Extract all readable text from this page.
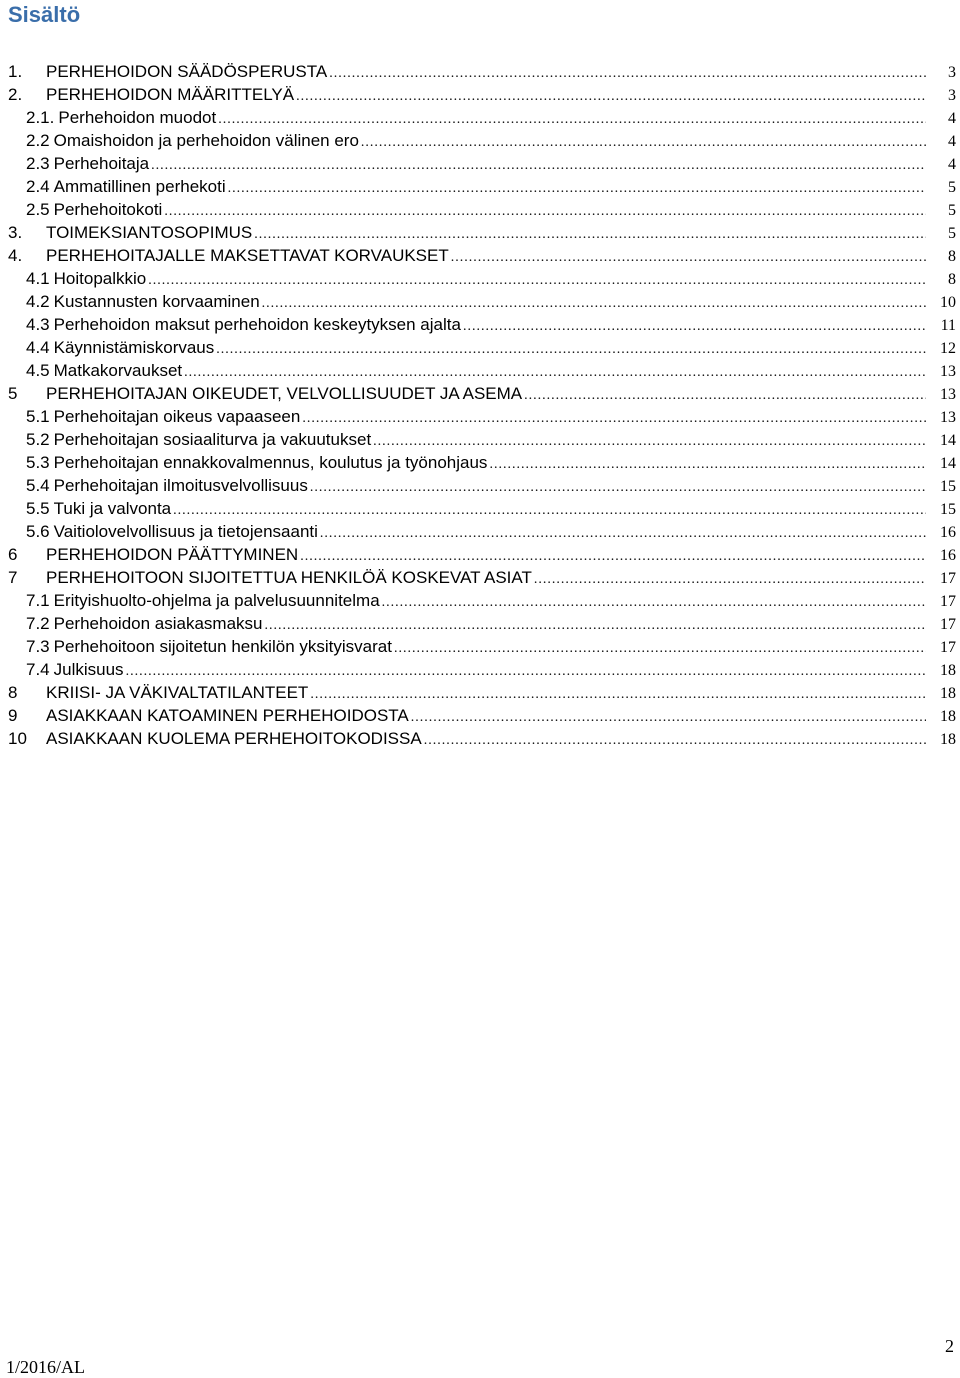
Sisältö
1. PERHEHOIDON SÄÄDÖSPERUSTA .....	3
2. PERHEHOIDON MÄÄRITTELYÄ .....	3
2.1. Perhehoidon muodot .....	4
2.2 Omaishoidon ja perhehoidon välinen ero .....	4
2.3 Perhehoitaja .....	4
2.4 Ammatillinen perhekoti .....	5
2.5 Perhehoitokoti .....	5
3. TOIMEKSIANTOSOPIMUS .....	5
4. PERHEHOITAJALLE MAKSETTAVAT KORVAUKSET .....	8
4.1 Hoitopalkkio .....	8
4.2 Kustannusten korvaaminen .....	10
4.3 Perhehoidon maksut perhehoidon keskeytyksen ajalta .....	11
4.4 Käynnistämiskorvaus .....	12
4.5 Matkakorvaukset .....	13
5 PERHEHOITAJAN OIKEUDET, VELVOLLISUUDET JA ASEMA .....	13
5.1 Perhehoitajan oikeus vapaaseen .....	13
5.2 Perhehoitajan sosiaaliturva ja vakuutukset .....	14
5.3 Perhehoitajan ennakkovalmennus, koulutus ja työnohjaus .....	14
5.4 Perhehoitajan ilmoitusvelvollisuus .....	15
5.5 Tuki ja valvonta .....	15
5.6 Vaitiolovelvollisuus ja tietojensaanti .....	16
6 PERHEHOIDON PÄÄTTYMINEN .....	16
7 PERHEHOITOON SIJOITETTUA HENKILÖÄ KOSKEVAT ASIAT .....	17
7.1 Erityishuolto-ohjelma ja palvelusuunnitelma .....	17
7.2 Perhehoidon asiakasmaksu .....	17
7.3 Perhehoitoon sijoitetun henkilön yksityisvarat .....	17
7.4 Julkisuus .....	18
8 KRIISI- JA VÄKIVALTATILANTEET .....	18
9 ASIAKKAAN KATOAMINEN PERHEHOIDOSTA .....	18
10 ASIAKKAAN KUOLEMA PERHEHOITOKODISSA .....	18
2
1/2016/AL
